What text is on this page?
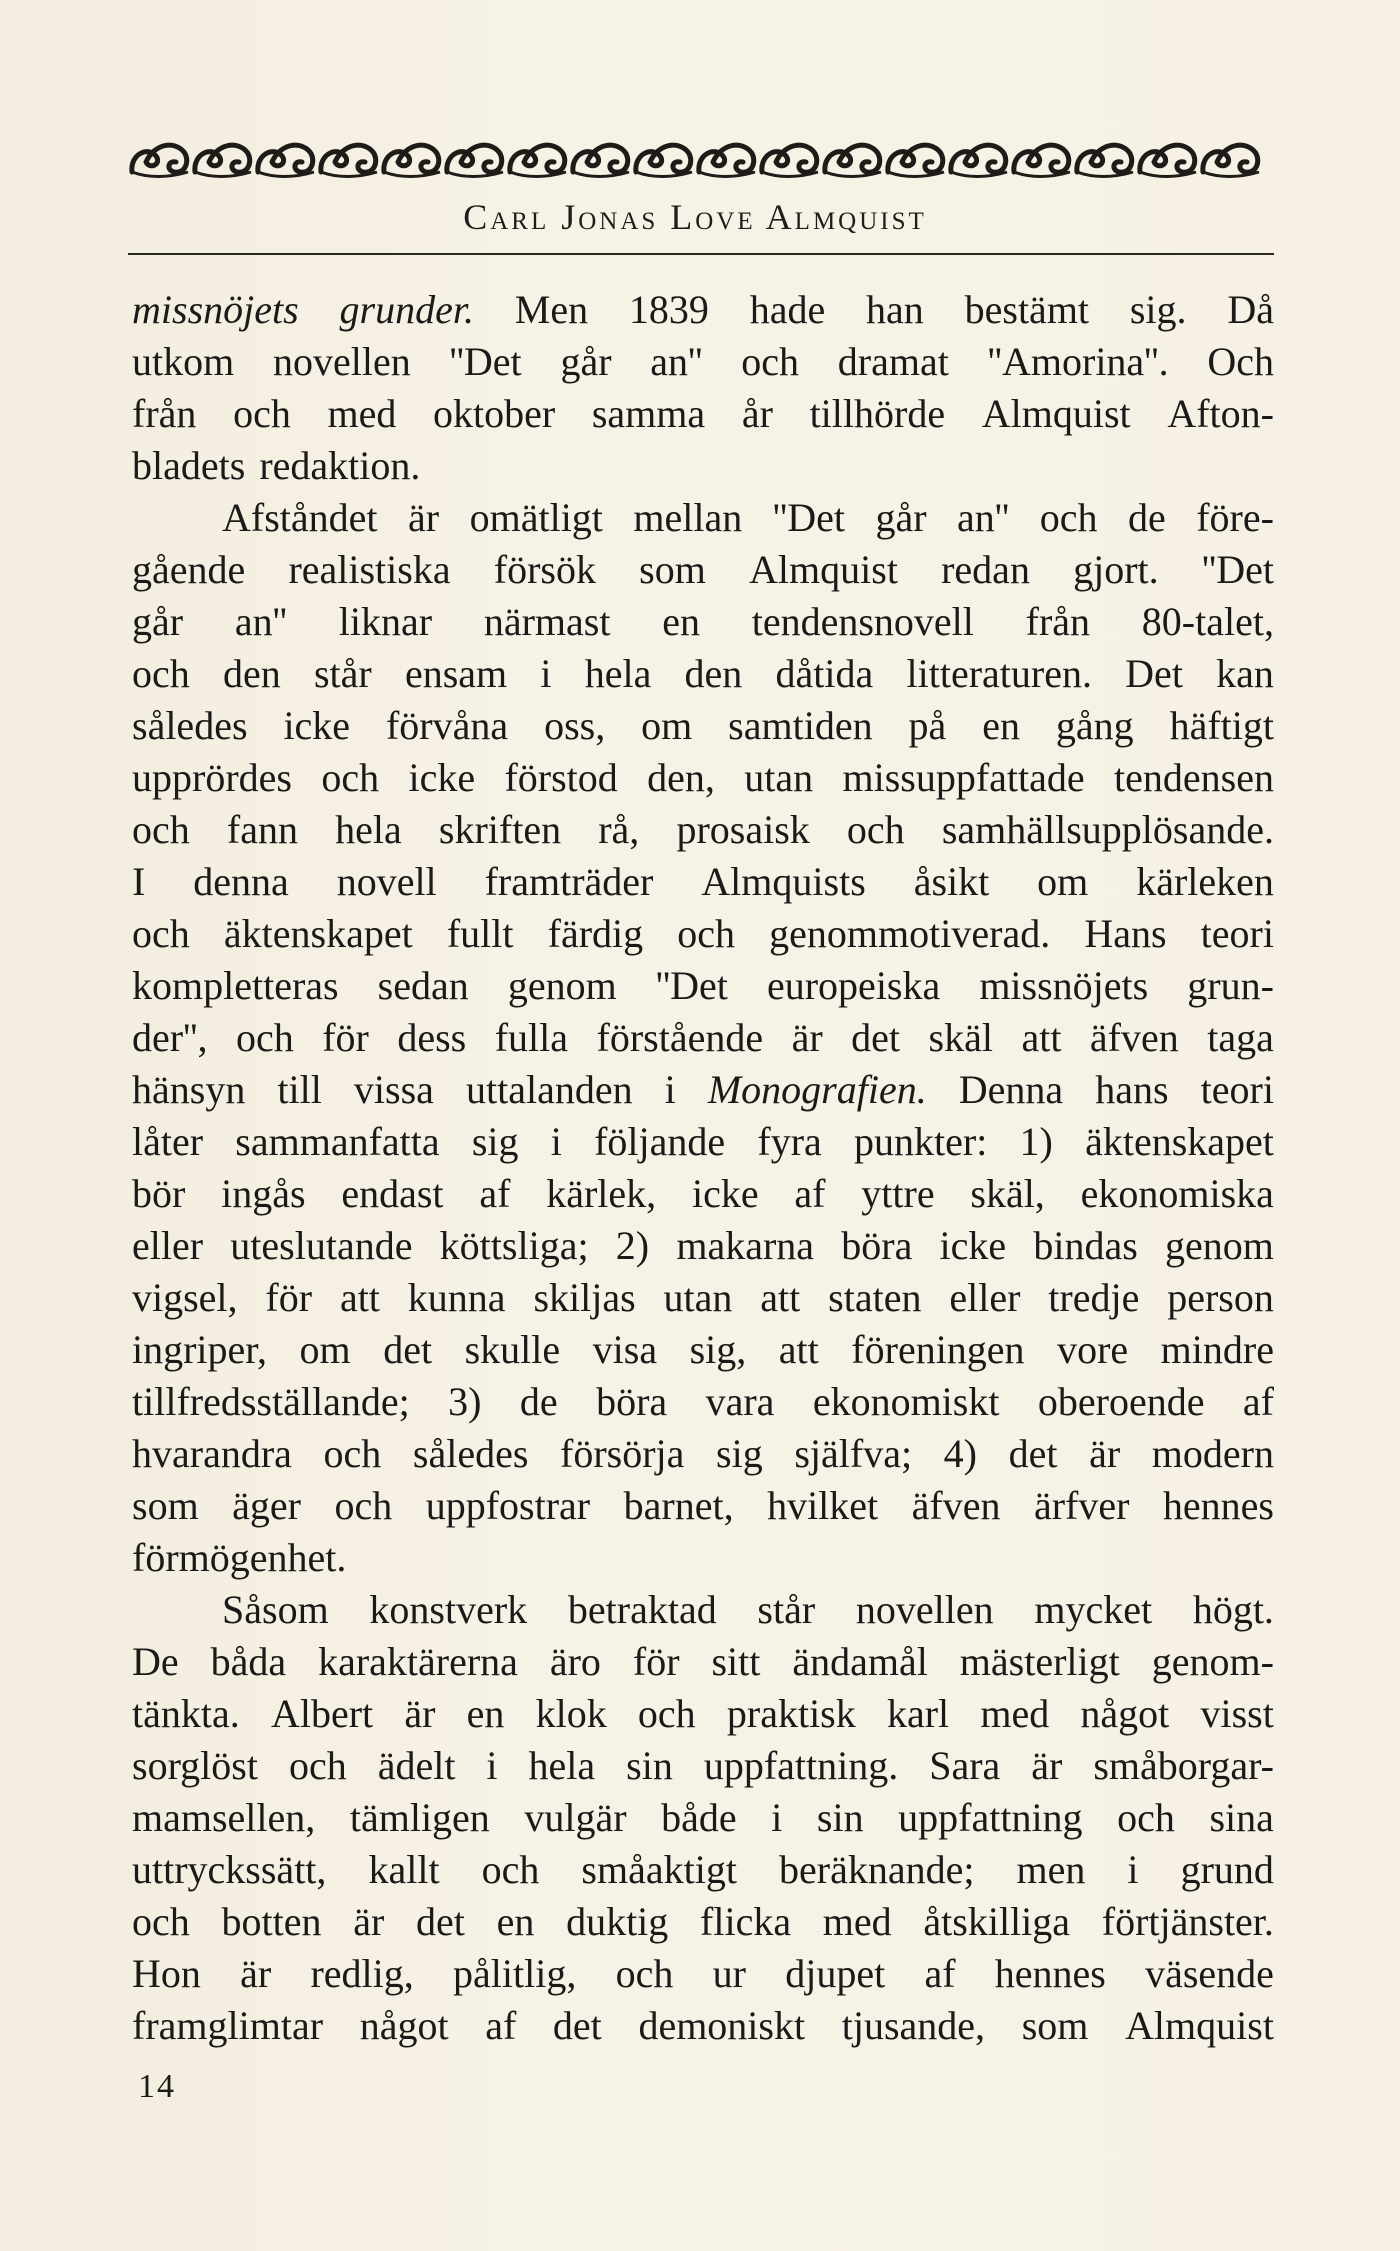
Carl Jonas Love Almquist
missnöjets grunder. Men 1839 hade han bestämt sig. Då
utkom novellen ''Det går an'' och dramat ''Amorina''. Och
från och med oktober samma år tillhörde Almquist Afton-
bladets redaktion.
Afståndet är omätligt mellan ''Det går an'' och de före-
gående realistiska försök som Almquist redan gjort. ''Det
går an'' liknar närmast en tendensnovell från 80-talet,
och den står ensam i hela den dåtida litteraturen. Det kan
således icke förvåna oss, om samtiden på en gång häftigt
upprördes och icke förstod den, utan missuppfattade tendensen
och fann hela skriften rå, prosaisk och samhällsupplösande.
I denna novell framträder Almquists åsikt om kärleken
och äktenskapet fullt färdig och genommotiverad. Hans teori
kompletteras sedan genom ''Det europeiska missnöjets grun-
der'', och för dess fulla förstående är det skäl att äfven taga
hänsyn till vissa uttalanden i Monografien. Denna hans teori
låter sammanfatta sig i följande fyra punkter: 1) äktenskapet
bör ingås endast af kärlek, icke af yttre skäl, ekonomiska
eller uteslutande köttsliga; 2) makarna böra icke bindas genom
vigsel, för att kunna skiljas utan att staten eller tredje person
ingriper, om det skulle visa sig, att föreningen vore mindre
tillfredsställande; 3) de böra vara ekonomiskt oberoende af
hvarandra och således försörja sig själfva; 4) det är modern
som äger och uppfostrar barnet, hvilket äfven ärfver hennes
förmögenhet.
Såsom konstverk betraktad står novellen mycket högt.
De båda karaktärerna äro för sitt ändamål mästerligt genom-
tänkta. Albert är en klok och praktisk karl med något visst
sorglöst och ädelt i hela sin uppfattning. Sara är småborgar-
mamsellen, tämligen vulgär både i sin uppfattning och sina
uttryckssätt, kallt och småaktigt beräknande; men i grund
och botten är det en duktig flicka med åtskilliga förtjänster.
Hon är redlig, pålitlig, och ur djupet af hennes väsende
framglimtar något af det demoniskt tjusande, som Almquist
14
